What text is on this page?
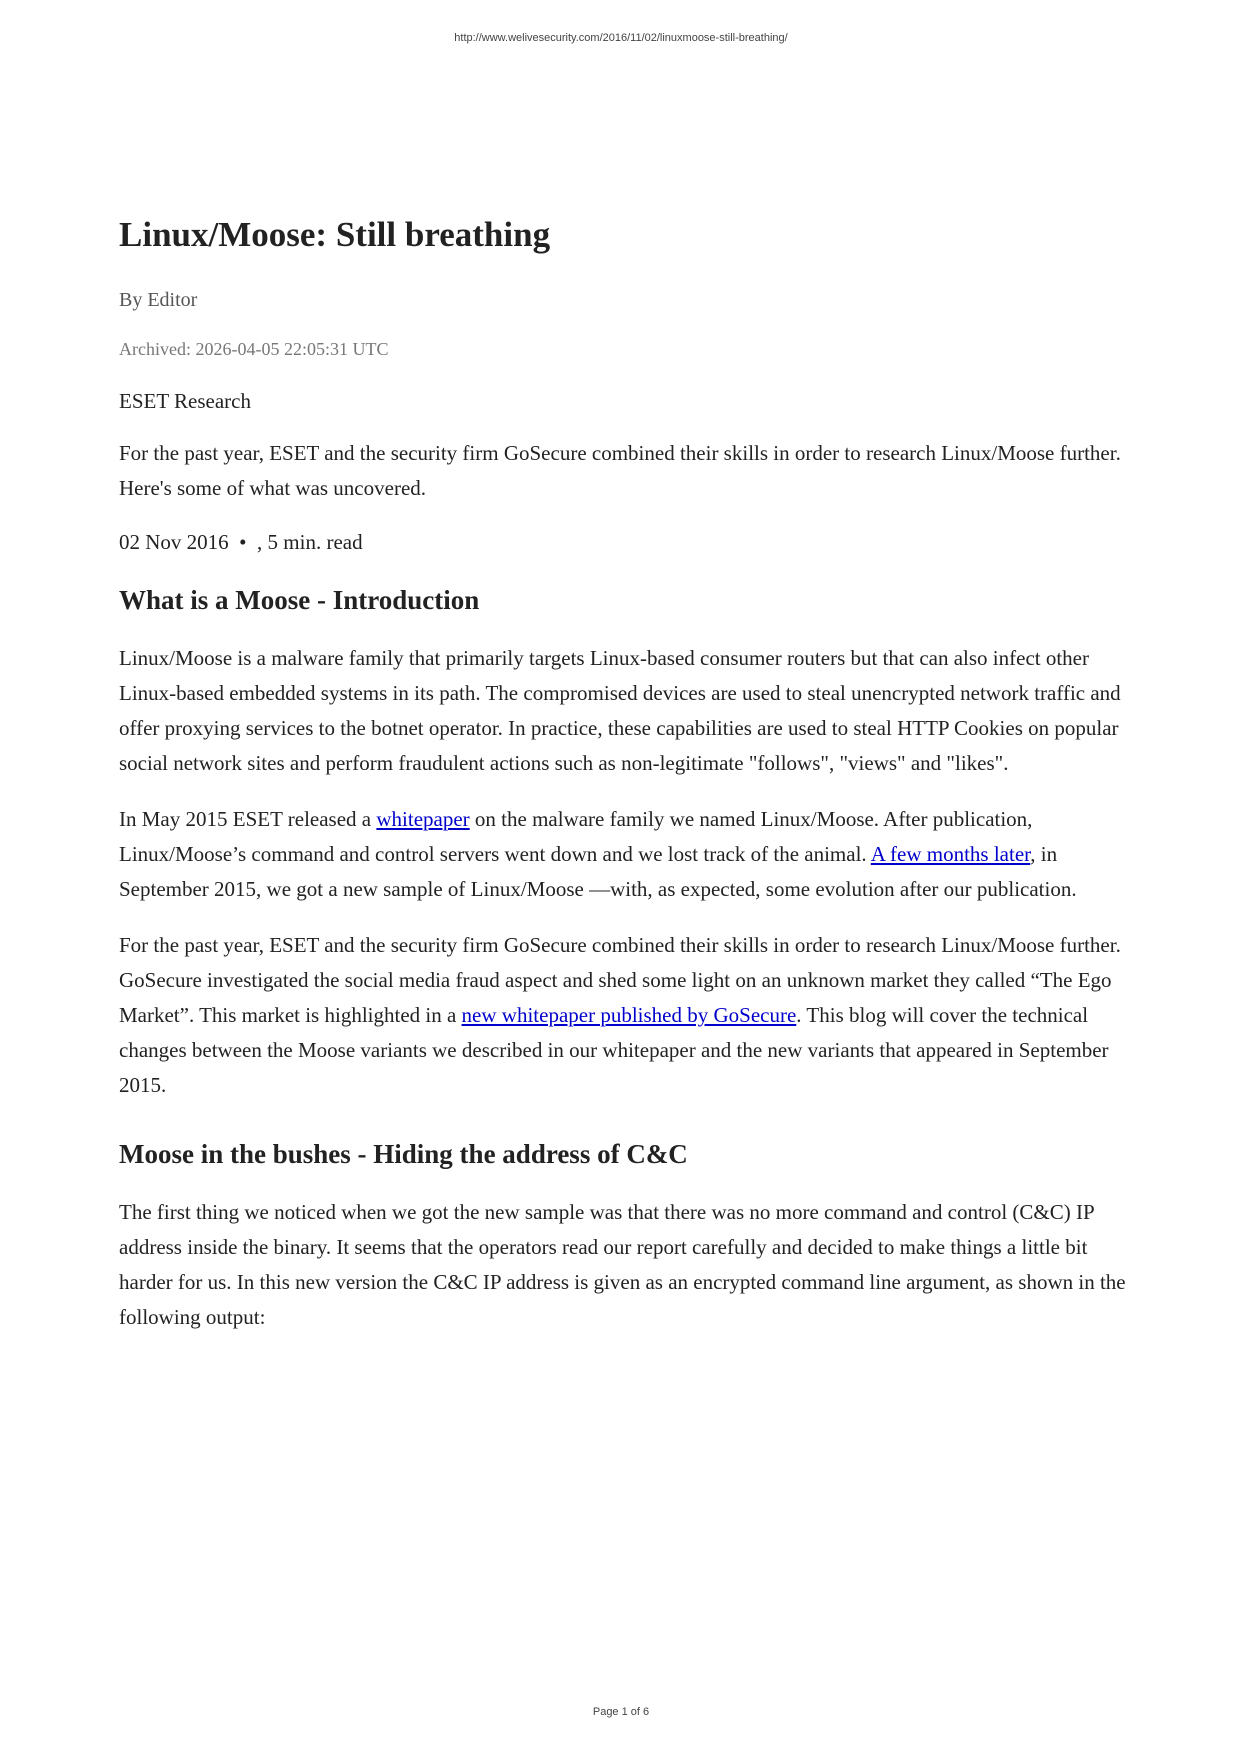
http://www.welivesecurity.com/2016/11/02/linuxmoose-still-breathing/
Linux/Moose: Still breathing
By Editor
Archived: 2026-04-05 22:05:31 UTC
ESET Research

For the past year, ESET and the security firm GoSecure combined their skills in order to research Linux/Moose further. Here's some of what was uncovered.

02 Nov 2016 • , 5 min. read
What is a Moose - Introduction

Linux/Moose is a malware family that primarily targets Linux-based consumer routers but that can also infect other Linux-based embedded systems in its path. The compromised devices are used to steal unencrypted network traffic and offer proxying services to the botnet operator. In practice, these capabilities are used to steal HTTP Cookies on popular social network sites and perform fraudulent actions such as non-legitimate "follows", "views" and "likes".

In May 2015 ESET released a whitepaper on the malware family we named Linux/Moose. After publication, Linux/Moose’s command and control servers went down and we lost track of the animal. A few months later, in September 2015, we got a new sample of Linux/Moose —with, as expected, some evolution after our publication.

For the past year, ESET and the security firm GoSecure combined their skills in order to research Linux/Moose further. GoSecure investigated the social media fraud aspect and shed some light on an unknown market they called “The Ego Market”. This market is highlighted in a new whitepaper published by GoSecure. This blog will cover the technical changes between the Moose variants we described in our whitepaper and the new variants that appeared in September 2015.

Moose in the bushes - Hiding the address of C&C

The first thing we noticed when we got the new sample was that there was no more command and control (C&C) IP address inside the binary. It seems that the operators read our report carefully and decided to make things a little bit harder for us. In this new version the C&C IP address is given as an encrypted command line argument, as shown in the following output:

Page 1 of 6
